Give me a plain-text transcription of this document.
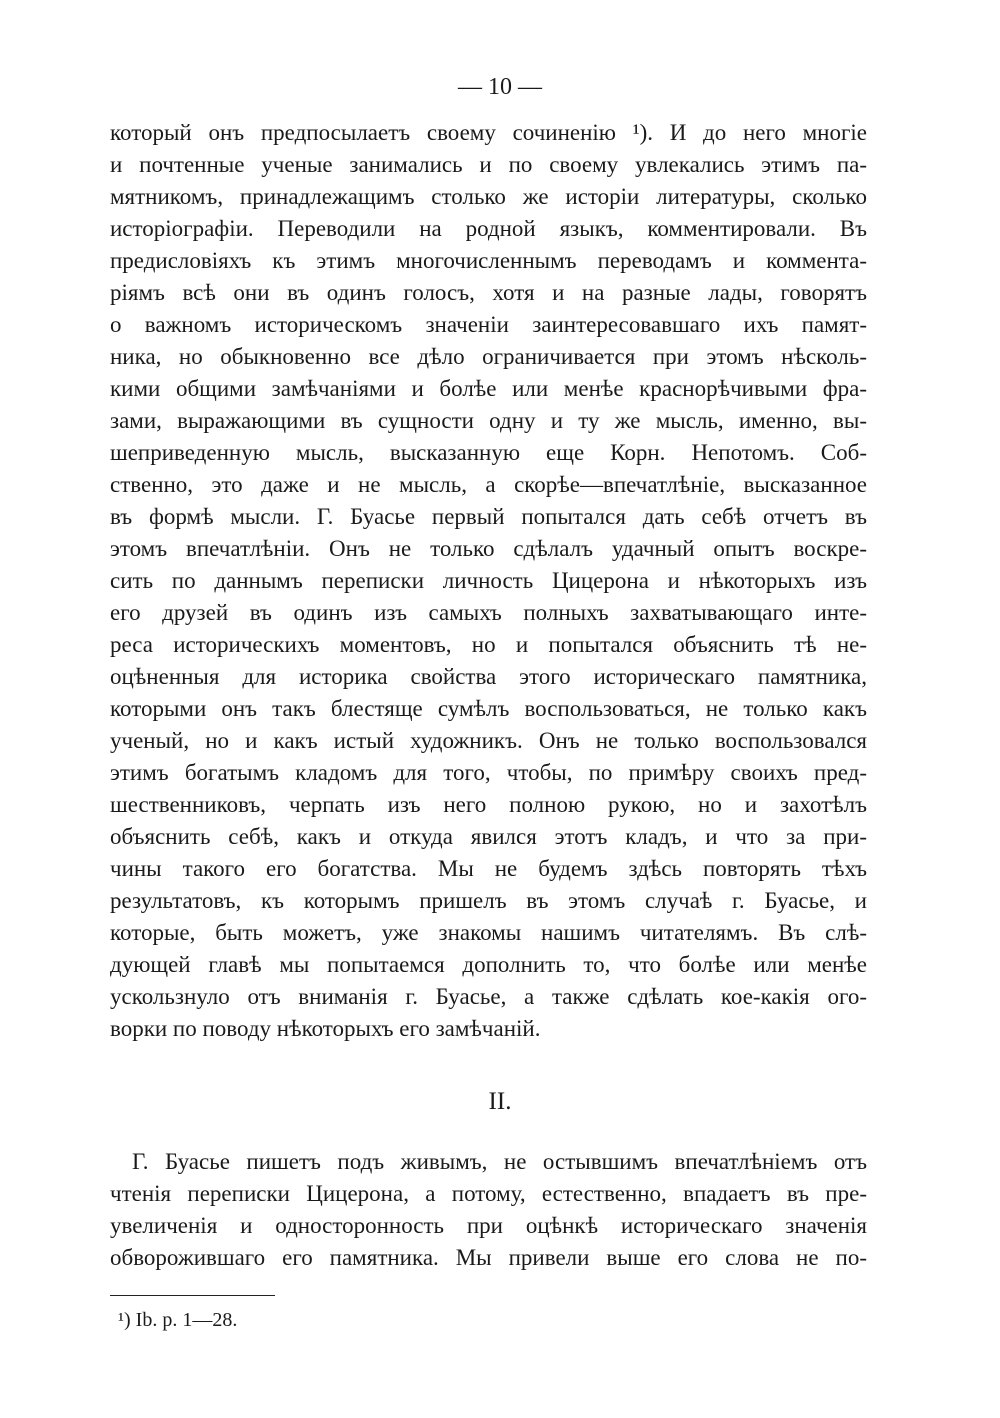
— 10 —
который онъ предпосылаетъ своему сочиненію ¹). И до него многіе
и почтенные ученые занимались и по своему увлекались этимъ па-
мятникомъ, принадлежащимъ столько же исторіи литературы, сколько
исторіографіи. Переводили на родной языкъ, комментировали. Въ
предисловіяхъ къ этимъ многочисленнымъ переводамъ и коммента-
ріямъ всѣ они въ одинъ голосъ, хотя и на разные лады, говорятъ
о важномъ историческомъ значеніи заинтересовавшаго ихъ памят-
ника, но обыкновенно все дѣло ограничивается при этомъ нѣсколь-
кими общими замѣчаніями и болѣе или менѣе краснорѣчивыми фра-
зами, выражающими въ сущности одну и ту же мысль, именно, вы-
шеприведенную мысль, высказанную еще Корн. Непотомъ. Соб-
ственно, это даже и не мысль, а скорѣе—впечатлѣніе, высказанное
въ формѣ мысли. Г. Буасье первый попытался дать себѣ отчетъ въ
этомъ впечатлѣніи. Онъ не только сдѣлалъ удачный опытъ воскре-
сить по даннымъ переписки личность Цицерона и нѣкоторыхъ изъ
его друзей въ одинъ изъ самыхъ полныхъ захватывающаго инте-
реса историческихъ моментовъ, но и попытался объяснить тѣ не-
оцѣненныя для историка свойства этого историческаго памятника,
которыми онъ такъ блестяще сумѣлъ воспользоваться, не только какъ
ученый, но и какъ истый художникъ. Онъ не только воспользовался
этимъ богатымъ кладомъ для того, чтобы, по примѣру своихъ пред-
шественниковъ, черпать изъ него полною рукою, но и захотѣлъ
объяснить себѣ, какъ и откуда явился этотъ кладъ, и что за при-
чины такого его богатства. Мы не будемъ здѣсь повторять тѣхъ
результатовъ, къ которымъ пришелъ въ этомъ случаѣ г. Буасье, и
которые, быть можетъ, уже знакомы нашимъ читателямъ. Въ слѣ-
дующей главѣ мы попытаемся дополнить то, что болѣе или менѣе
ускользнуло отъ вниманія г. Буасье, а также сдѣлать кое-какія ого-
ворки по поводу нѣкоторыхъ его замѣчаній.
II.
Г. Буасье пишетъ подъ живымъ, не остывшимъ впечатлѣніемъ отъ
чтенія переписки Цицерона, а потому, естественно, впадаетъ въ пре-
увеличенія и односторонность при оцѣнкѣ историческаго значенія
обворожившаго его памятника. Мы привели выше его слова не по-
¹) Ib. p. 1—28.
